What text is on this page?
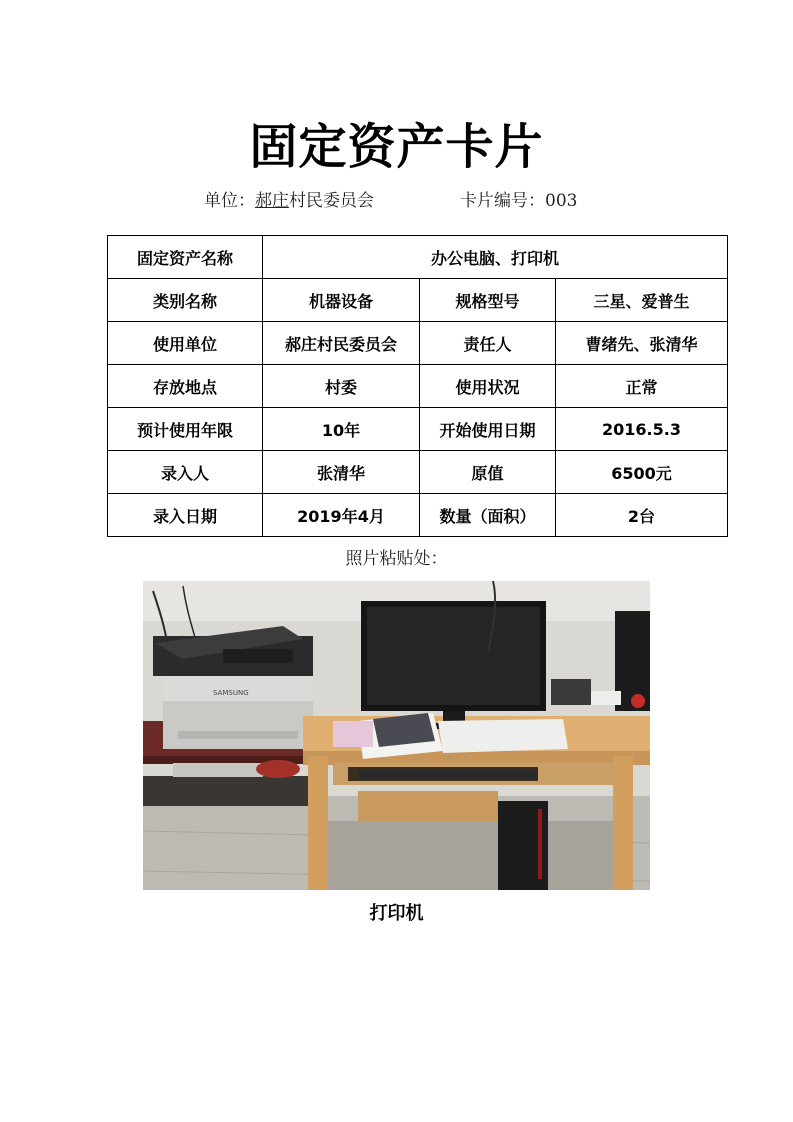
固定资产卡片
单位：郝庄村民委员会	卡片编号：003
固定资产名称	办公电脑、打印机		
类别名称	机器设备	规格型号	三星、爱普生
使用单位	郝庄村民委员会	责任人	曹绪先、张清华
存放地点	村委	使用状况	正常
预计使用年限	10年	开始使用日期	2016.5.3
录入人	张清华	原值	6500元
录入日期	2019年4月	数量（面积）	2台
照片粘贴处：
SAMSUNG
打印机
